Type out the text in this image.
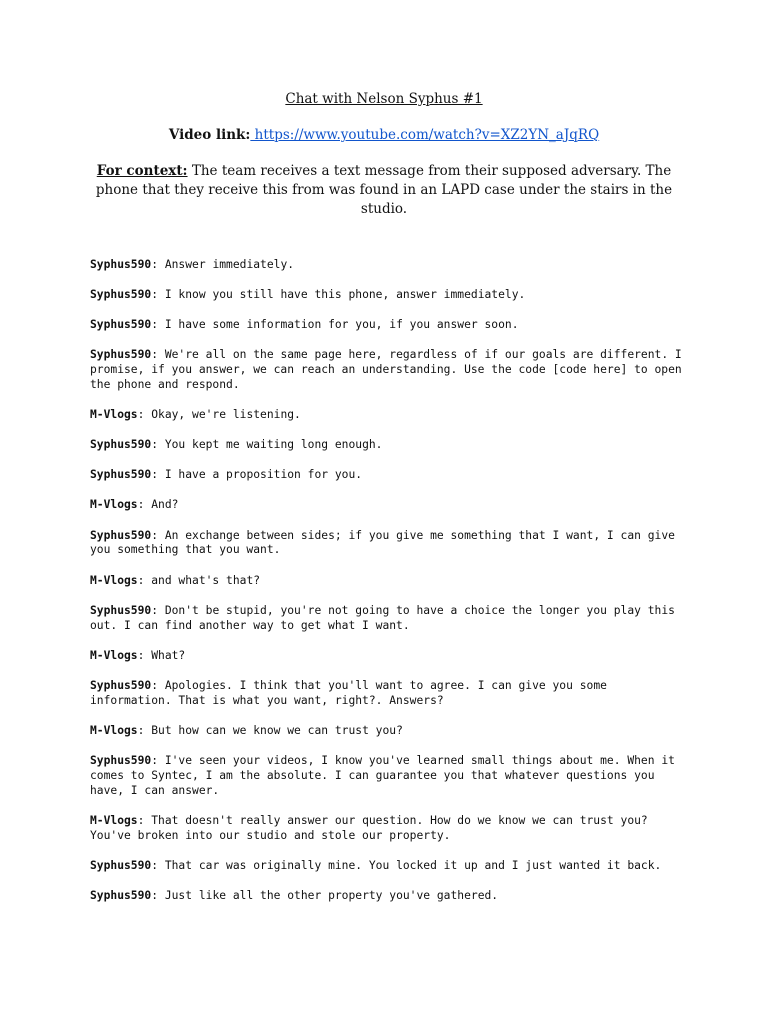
Chat with Nelson Syphus #1

Video link: https://www.youtube.com/watch?v=XZ2YN_aJqRQ

For context: The team receives a text message from their supposed adversary. The phone that they receive this from was found in an LAPD case under the stairs in the studio.

Syphus590: Answer immediately.

Syphus590: I know you still have this phone, answer immediately.

Syphus590: I have some information for you, if you answer soon.

Syphus590: We're all on the same page here, regardless of if our goals are different. I promise, if you answer, we can reach an understanding. Use the code [code here] to open the phone and respond.

M-Vlogs: Okay, we're listening.

Syphus590: You kept me waiting long enough.

Syphus590: I have a proposition for you.

M-Vlogs: And?

Syphus590: An exchange between sides; if you give me something that I want, I can give you something that you want.

M-Vlogs: and what's that?

Syphus590: Don't be stupid, you're not going to have a choice the longer you play this out. I can find another way to get what I want.

M-Vlogs: What?

Syphus590: Apologies. I think that you'll want to agree. I can give you some information. That is what you want, right?. Answers?

M-Vlogs: But how can we know we can trust you?

Syphus590: I've seen your videos, I know you've learned small things about me. When it comes to Syntec, I am the absolute. I can guarantee you that whatever questions you have, I can answer.

M-Vlogs: That doesn't really answer our question. How do we know we can trust you? You've broken into our studio and stole our property.

Syphus590: That car was originally mine. You locked it up and I just wanted it back.

Syphus590: Just like all the other property you've gathered.
